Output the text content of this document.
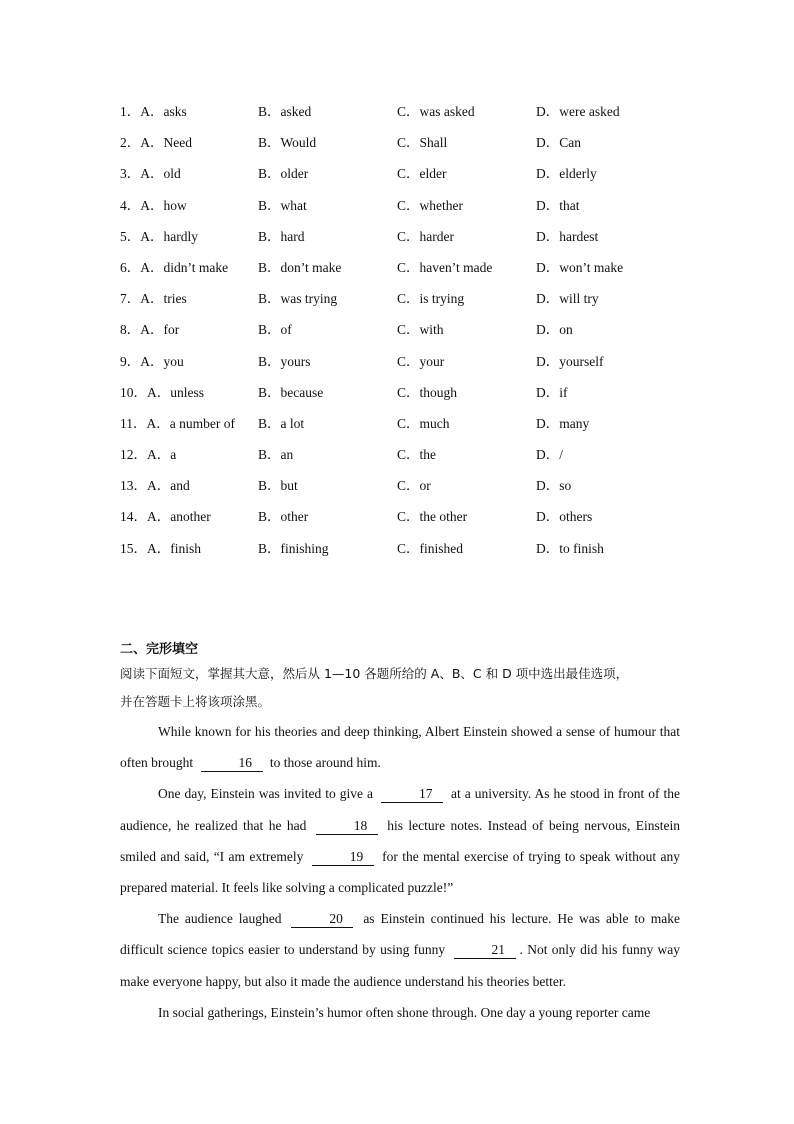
1．A．asks	B．asked	C．was asked	D．were asked
2．A．Need	B．Would	C．Shall	D．Can
3．A．old	B．older	C．elder	D．elderly
4．A．how	B．what	C．whether	D．that
5．A．hardly	B．hard	C．harder	D．hardest
6．A．didn’t make B．don’t make	C．haven’t made	D．won’t make
7．A．tries	B．was trying	C．is trying	D．will try
8．A．for	B．of	C．with	D．on
9．A．you	B．yours	C．your	D．yourself
10．A．unless	B．because	C．though	D．if
11．A．a number of B．a lot	C．much	D．many
12．A．a	B．an	C．the	D．/
13．A．and	B．but	C．or	D．so
14．A．another	B．other	C．the other	D．others
15．A．finish	B．finishing	C．finished	D．to finish

二、完形填空

阅读下面短文，掌握其大意，然后从 1—10 各题所给的 A、B、C 和 D 项中选出最佳选项，

并在答题卡上将该项涂黑。

While known for his theories and deep thinking, Albert Einstein showed a sense of humour that often brought	16 to those around him.

One day, Einstein was invited to give a	17 at a university. As he stood in front of the audience, he realized that he had	18 his lecture notes. Instead of being nervous, Einstein smiled and said, “I am extremely	19 for the mental exercise of trying to speak without any prepared material. It feels like solving a complicated puzzle!”

The audience laughed	20 as Einstein continued his lecture. He was able to make difficult science topics easier to understand by using funny	21 . Not only did his funny way make everyone happy, but also it made the audience understand his theories better.

In social gatherings, Einstein’s humor often shone through. One day a young reporter came
